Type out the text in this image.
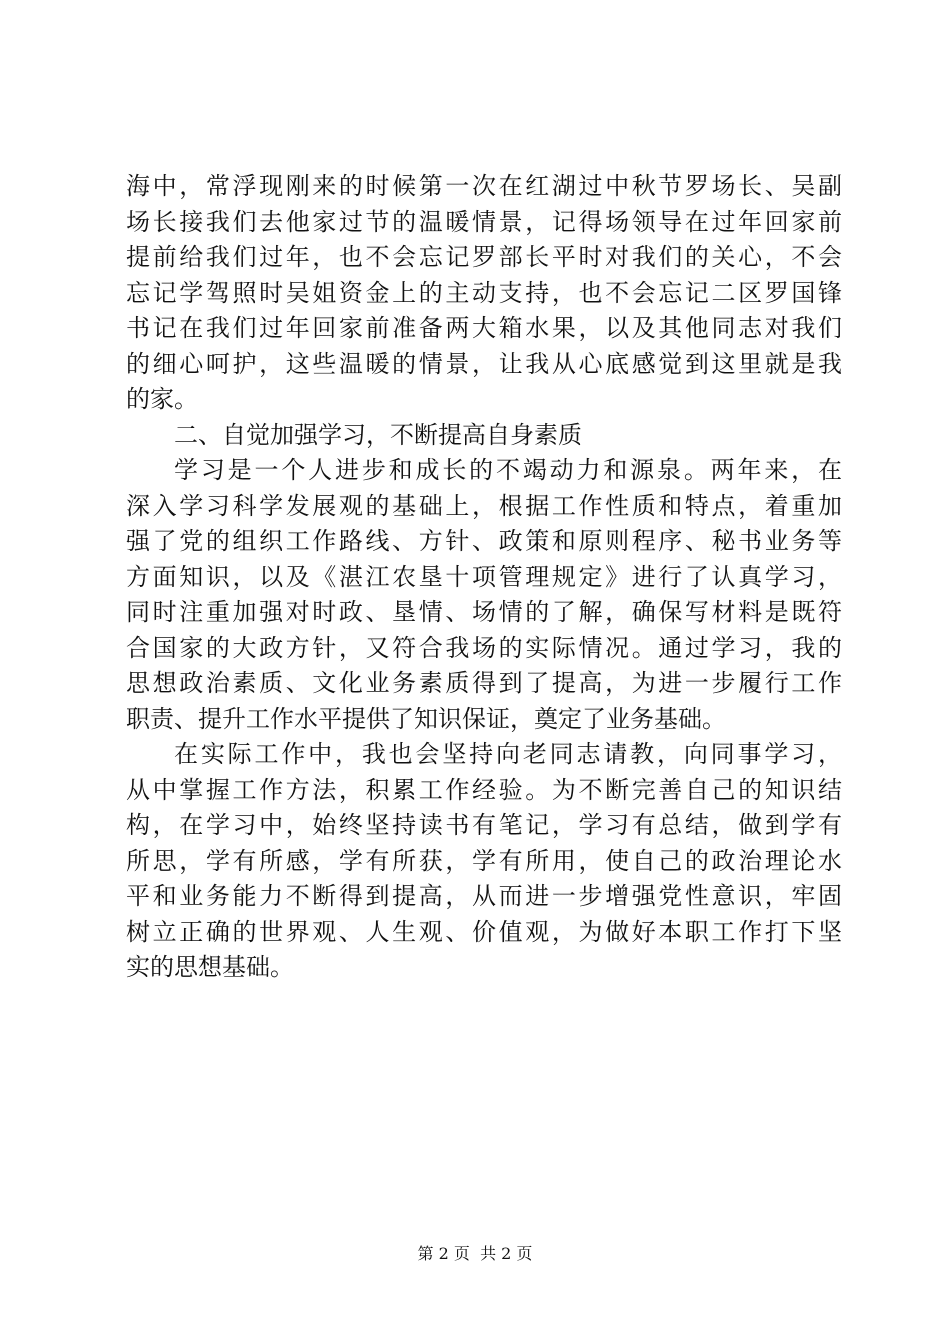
海中，常浮现刚来的时候第一次在红湖过中秋节罗场长、吴副
场长接我们去他家过节的温暖情景，记得场领导在过年回家前
提前给我们过年，也不会忘记罗部长平时对我们的关心，不会
忘记学驾照时吴姐资金上的主动支持，也不会忘记二区罗国锋
书记在我们过年回家前准备两大箱水果，以及其他同志对我们
的细心呵护，这些温暖的情景，让我从心底感觉到这里就是我
的家。
二、自觉加强学习，不断提高自身素质
学习是一个人进步和成长的不竭动力和源泉。两年来，在
深入学习科学发展观的基础上，根据工作性质和特点，着重加
强了党的组织工作路线、方针、政策和原则程序、秘书业务等
方面知识，以及《湛江农垦十项管理规定》进行了认真学习，
同时注重加强对时政、垦情、场情的了解，确保写材料是既符
合国家的大政方针，又符合我场的实际情况。通过学习，我的
思想政治素质、文化业务素质得到了提高，为进一步履行工作
职责、提升工作水平提供了知识保证，奠定了业务基础。
在实际工作中，我也会坚持向老同志请教，向同事学习，
从中掌握工作方法，积累工作经验。为不断完善自己的知识结
构，在学习中，始终坚持读书有笔记，学习有总结，做到学有
所思，学有所感，学有所获，学有所用，使自己的政治理论水
平和业务能力不断得到提高，从而进一步增强党性意识，牢固
树立正确的世界观、人生观、价值观，为做好本职工作打下坚
实的思想基础。
第 2 页  共 2 页
